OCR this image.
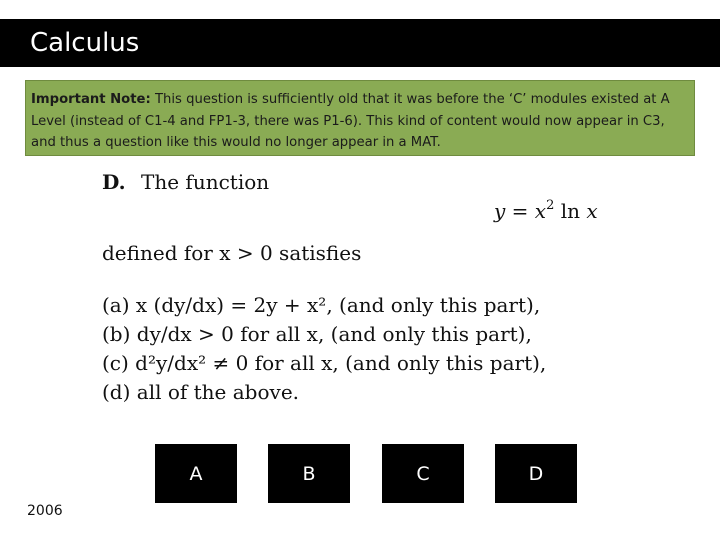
Calculus
Important Note: This question is sufficiently old that it was before the ‘C’ modules existed at A Level (instead of C1-4 and FP1-3, there was P1-6). This kind of content would now appear in C3, and thus a question like this would no longer appear in a MAT.
D. The function
$y = x^2$ ln x
defined for x > 0 satisfies
(a) x (dy/dx) = 2y + x², (and only this part),
(b) dy/dx > 0 for all x, (and only this part),
(c) d²y/dx² ≠ 0 for all x, (and only this part),
(d) all of the above.
A	B	C	D
2006
